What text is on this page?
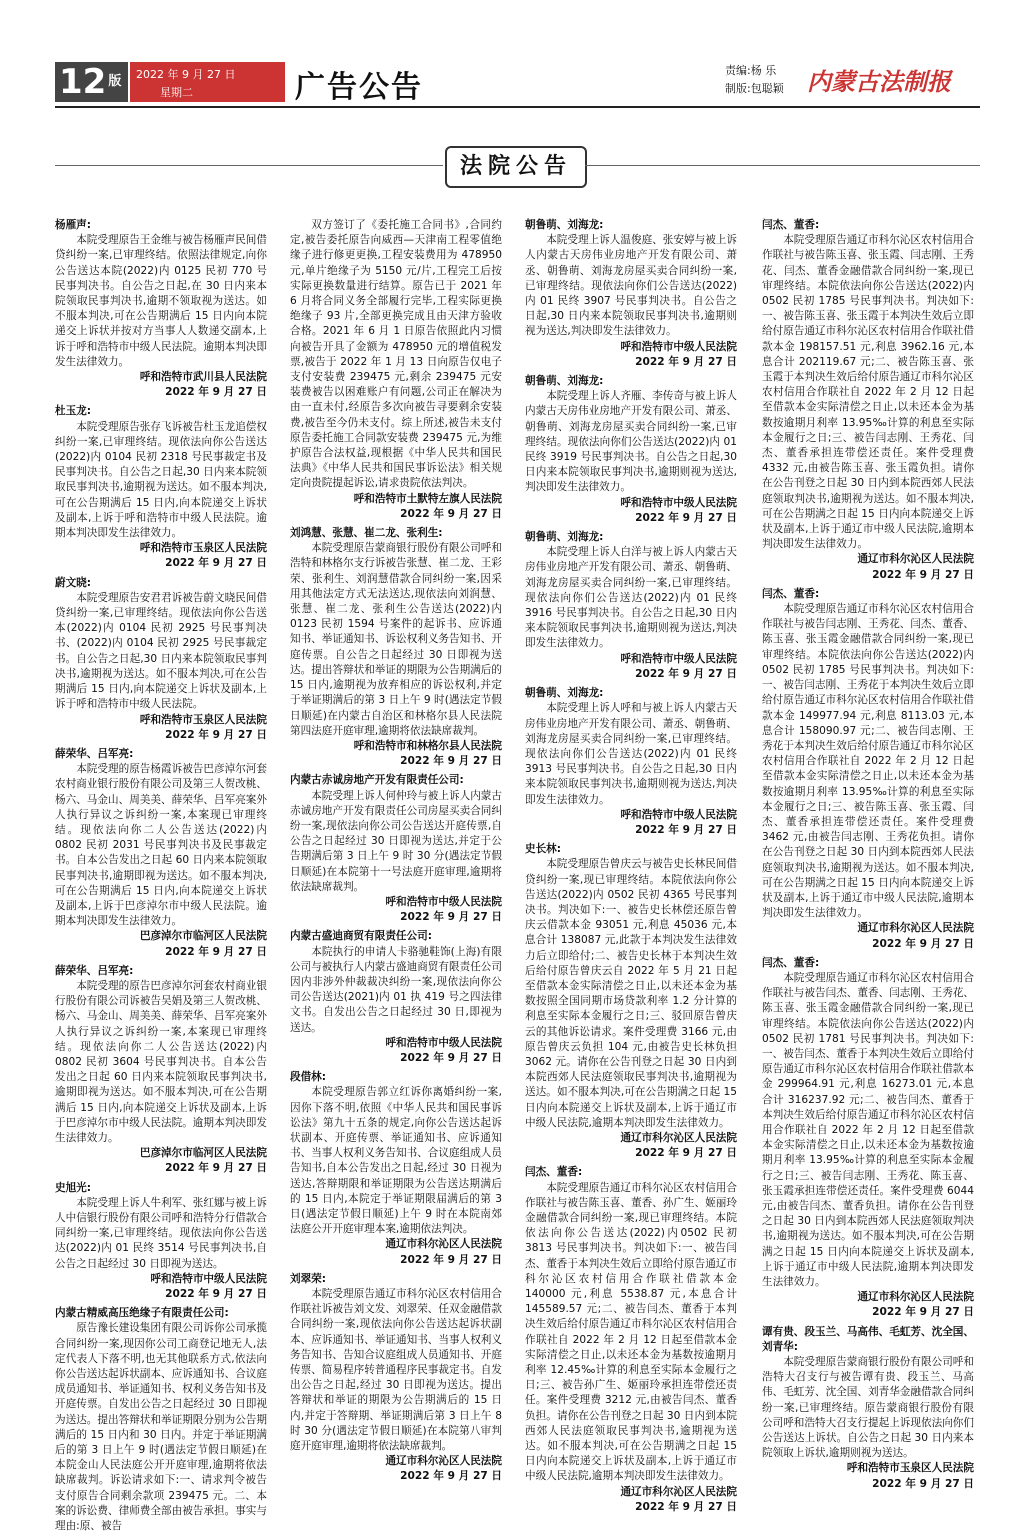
12 $^版$	2022 年 9 月 27 日
星期二	广告公告	责编:杨 乐
制版:包聪颖 内蒙古法制报
法院公告
杨雁声:
本院受理原告王金维与被告杨雁声民间借贷纠纷一案,已审理终结。依照法律规定,向你公告送达本院(2022)内 0125 民初 770 号民事判决书。自公告之日起,在 30 日内来本院领取民事判决书,逾期不领取视为送达。如不服本判决,可在公告期满后 15 日内向本院递交上诉状并按对方当事人人数递交副本,上诉于呼和浩特市中级人民法院。逾期本判决即发生法律效力。
呼和浩特市武川县人民法院
2022 年 9 月 27 日
杜玉龙:
本院受理原告张存飞诉被告杜玉龙追偿权纠纷一案,已审理终结。现依法向你公告送达(2022)内 0104 民初 2318 号民事裁定书及民事判决书。自公告之日起,30 日内来本院领取民事判决书,逾期视为送达。如不服本判决,可在公告期满后 15 日内,向本院递交上诉状及副本,上诉于呼和浩特市中级人民法院。逾期本判决即发生法律效力。
呼和浩特市玉泉区人民法院
2022 年 9 月 27 日
蔚文晓:
本院受理原告安君君诉被告蔚文晓民间借贷纠纷一案,已审理终结。现依法向你公告送本(2022)内 0104 民初 2925 号民事判决书、(2022)内 0104 民初 2925 号民事裁定书。自公告之日起,30 日内来本院领取民事判决书,逾期视为送达。如不服本判决,可在公告期满后 15 日内,向本院递交上诉状及副本,上诉于呼和浩特市中级人民法院。
呼和浩特市玉泉区人民法院
2022 年 9 月 27 日
薛荣华、吕军亮:
本院受理的原告杨霞诉被告巴彦淖尔河套农村商业银行股份有限公司及第三人贺改桃、杨六、马金山、周美美、薛荣华、吕军亮案外人执行异议之诉纠纷一案,本案现已审理终结。现依法向你二人公告送达(2022)内 0802 民初 2031 号民事判决书及民事裁定书。自本公告发出之日起 60 日内来本院领取民事判决书,逾期即视为送达。如不服本判决,可在公告期满后 15 日内,向本院递交上诉状及副本,上诉于巴彦淖尔市中级人民法院。逾期本判决即发生法律效力。
巴彦淖尔市临河区人民法院
2022 年 9 月 27 日
薛荣华、吕军亮:
本院受理的原告巴彦淖尔河套农村商业银行股份有限公司诉被告吴娟及第三人贺改桃、杨六、马金山、周美美、薛荣华、吕军亮案外人执行异议之诉纠纷一案,本案现已审理终结。现依法向你二人公告送达(2022)内 0802 民初 3604 号民事判决书。自本公告发出之日起 60 日内来本院领取民事判决书,逾期即视为送达。如不服本判决,可在公告期满后 15 日内,向本院递交上诉状及副本,上诉于巴彦淖尔市中级人民法院。逾期本判决即发生法律效力。
巴彦淖尔市临河区人民法院
2022 年 9 月 27 日
史旭光:
本院受理上诉人牛利军、张红娜与被上诉人中信银行股份有限公司呼和浩特分行借款合同纠纷一案,已审理终结。现依法向你公告送达(2022)内 01 民终 3514 号民事判决书,自公告之日起经过 30 日即视为送达。
呼和浩特市中级人民法院
2022 年 9 月 27 日
内蒙古精威高压绝缘子有限责任公司:
原告豫长建设集团有限公司诉你公司承揽合同纠纷一案,现因你公司工商登记地无人,法定代表人下落不明,也无其他联系方式,依法向你公告送达起诉状副本、应诉通知书、合议庭成员通知书、举证通知书、权利义务告知书及开庭传票。自发出公告之日起经过 30 日即视为送达。提出答辩状和举证期限分别为公告期满后的 15 日内和 30 日内。并定于举证期满后的第 3 日上午 9 时(遇法定节假日顺延)在本院金山人民法庭公开开庭审理,逾期将依法缺席裁判。诉讼请求如下:一、请求判令被告支付原告合同剩余款项 239475 元。二、本案的诉讼费、律师费全部由被告承担。事实与理由:原、被告
双方签订了《委托施工合同书》,合同约定,被告委托原告向威西—天津南工程零值绝缘子进行修更更换,工程安装费用为 478950 元,单片绝缘子为 5150 元/片,工程完工后按实际更换数量进行结算。原告已于 2021 年 6 月将合同义务全部履行完毕,工程实际更换绝缘子 93 片,全部更换完成且由天津方验收合格。2021 年 6 月 1 日原告依照此内习惯向被告开具了金额为 478950 元的增值税发票,被告于 2022 年 1 月 13 日向原告仅电子支付安装费 239475 元,剩余 239475 元安装费被告以困难账户有问题,公司正在解决为由一直未付,经原告多次向被告寻要剩余安装费,被告至今仍未支付。综上所述,被告未支付原告委托施工合同款安装费 239475 元,为维护原告合法权益,现根据《中华人民共和国民法典》《中华人民共和国民事诉讼法》相关规定向贵院提起诉讼,请求贵院依法判决。
呼和浩特市土默特左旗人民法院
2022 年 9 月 27 日
刘鸿慧、张慧、崔二龙、张利生:
本院受理原告蒙商银行股份有限公司呼和浩特和林格尔支行诉被告张慧、崔二龙、王彩荣、张利生、刘润慧借款合同纠纷一案,因采用其他法定方式无法送达,现依法向刘润慧、张慧、崔二龙、张利生公告送达(2022)内 0123 民初 1594 号案件的起诉书、应诉通知书、举证通知书、诉讼权利义务告知书、开庭传票。自公告之日起经过 30 日即视为送达。提出答辩状和举证的期限为公告期满后的 15 日内,逾期视为放弃相应的诉讼权利,并定于举证期满后的第 3 日上午 9 时(遇法定节假日顺延)在内蒙古自治区和林格尔县人民法院第四法庭开庭审理,逾期将依法缺席裁判。
呼和浩特市和林格尔县人民法院
2022 年 9 月 27 日
内蒙古赤诚房地产开发有限责任公司:
本院受理上诉人何仲玲与被上诉人内蒙古赤诚房地产开发有限责任公司房屋买卖合同纠纷一案,现依法向你公司公告送达开庭传票,自公告之日起经过 30 日即视为送达,并定于公告期满后第 3 日上午 9 时 30 分(遇法定节假日顺延)在本院第十一号法庭开庭审理,逾期将依法缺席裁判。
呼和浩特市中级人民法院
2022 年 9 月 27 日
内蒙古盛迪商贸有限责任公司:
本院执行的申请人卡骆驰鞋饰(上海)有限公司与被执行人内蒙古盛迪商贸有限责任公司因内非涉外仲裁裁决纠纷一案,现依法向你公司公告送达(2021)内 01 执 419 号之四法律文书。自发出公告之日起经过 30 日,即视为送达。
呼和浩特市中级人民法院
2022 年 9 月 27 日
段借林:
本院受理原告郭立红诉你离婚纠纷一案,因你下落不明,依照《中华人民共和国民事诉讼法》第九十五条的规定,向你公告送达起诉状副本、开庭传票、举证通知书、应诉通知书、当事人权利义务告知书、合议庭组成人员告知书,自本公告发出之日起,经过 30 日视为送达,答辩期限和举证期限为公告送达期满后的 15 日内,本院定于举证期限届满后的第 3 日(遇法定节假日顺延)上午 9 时在本院南郊法庭公开开庭审理本案,逾期依法判决。
通辽市科尔沁区人民法院
2022 年 9 月 27 日
刘翠荣:
本院受理原告通辽市科尔沁区农村信用合作联社诉被告刘文发、刘翠荣、任双金融借款合同纠纷一案,现依法向你公告送达起诉状副本、应诉通知书、举证通知书、当事人权利义务告知书、告知合议庭组成人员通知书、开庭传票、简易程序转普通程序民事裁定书。自发出公告之日起,经过 30 日即视为送达。提出答辩状和举证的期限为公告期满后的 15 日内,并定于答辩期、举证期满后第 3 日上午 8 时 30 分(遇法定节假日顺延)在本院第八审判庭开庭审理,逾期将依法缺席裁判。
通辽市科尔沁区人民法院
2022 年 9 月 27 日
朝鲁萌、刘海龙:
本院受理上诉人温俊庭、张安婷与被上诉人内蒙古天房伟业房地产开发有限公司、萧丞、朝鲁萌、刘海龙房屋买卖合同纠纷一案,已审理终结。现依法向你们公告送达(2022)内 01 民终 3907 号民事判决书。自公告之日起,30 日内来本院领取民事判决书,逾期则视为送达,判决即发生法律效力。
呼和浩特市中级人民法院
2022 年 9 月 27 日
朝鲁萌、刘海龙:
本院受理上诉人齐雁、李传奇与被上诉人内蒙古天房伟业房地产开发有限公司、萧丞、朝鲁萌、刘海龙房屋买卖合同纠纷一案,已审理终结。现依法向你们公告送达(2022)内 01 民终 3919 号民事判决书。自公告之日起,30 日内来本院领取民事判决书,逾期则视为送达,判决即发生法律效力。
呼和浩特市中级人民法院
2022 年 9 月 27 日
朝鲁萌、刘海龙:
本院受理上诉人白洋与被上诉人内蒙古天房伟业房地产开发有限公司、萧丞、朝鲁萌、刘海龙房屋买卖合同纠纷一案,已审理终结。现依法向你们公告送达(2022)内 01 民终 3916 号民事判决书。自公告之日起,30 日内来本院领取民事判决书,逾期则视为送达,判决即发生法律效力。
呼和浩特市中级人民法院
2022 年 9 月 27 日
朝鲁萌、刘海龙:
本院受理上诉人呼和与被上诉人内蒙古天房伟业房地产开发有限公司、萧丞、朝鲁萌、刘海龙房屋买卖合同纠纷一案,已审理终结。现依法向你们公告送达(2022)内 01 民终 3913 号民事判决书。自公告之日起,30 日内来本院领取民事判决书,逾期则视为送达,判决即发生法律效力。
呼和浩特市中级人民法院
2022 年 9 月 27 日
史长林:
本院受理原告曾庆云与被告史长林民间借贷纠纷一案,现已审理终结。本院依法向你公告送达(2022)内 0502 民初 4365 号民事判决书。判决如下:一、被告史长林偿还原告曾庆云借款本金 93051 元,利息 45036 元,本息合计 138087 元,此款于本判决发生法律效力后立即给付;二、被告史长林于本判决生效后给付原告曾庆云自 2022 年 5 月 21 日起至借款本金实际清偿之日止,以未还本金为基数按照全国同期市场贷款利率 1.2 分计算的利息至实际本金履行之日;三、驳回原告曾庆云的其他诉讼请求。案件受理费 3166 元,由原告曾庆云负担 104 元,由被告史长林负担 3062 元。请你在公告刊登之日起 30 日内到本院西郊人民法庭领取民事判决书,逾期视为送达。如不服本判决,可在公告期满之日起 15 日内向本院递交上诉状及副本,上诉于通辽市中级人民法院,逾期本判决即发生法律效力。
通辽市科尔沁区人民法院
2022 年 9 月 27 日
闫杰、董香:
本院受理原告通辽市科尔沁区农村信用合作联社与被告陈玉喜、董香、孙广生、姬丽玲金融借款合同纠纷一案,现已审理终结。本院依法向你公告送达(2022)内0502 民初 3813 号民事判决书。判决如下:一、被告闫杰、董香于本判决生效后立即给付原告通辽市科尔沁区农村信用合作联社借款本金 140000 元,利息 5538.87 元,本息合计 145589.57 元;二、被告闫杰、董香于本判决生效后给付原告通辽市科尔沁区农村信用合作联社自 2022 年 2 月 12 日起至借款本金实际清偿之日止,以未还本金为基数按逾期月利率 12.45‰计算的利息至实际本金履行之日;三、被告孙广生、姬丽玲承担连带偿还责任。案件受理费 3212 元,由被告闫杰、董香负担。请你在公告刊登之日起 30 日内到本院西郊人民法庭领取民事判决书,逾期视为送达。如不服本判决,可在公告期满之日起 15 日内向本院递交上诉状及副本,上诉于通辽市中级人民法院,逾期本判决即发生法律效力。
通辽市科尔沁区人民法院
2022 年 9 月 27 日
闫杰、董香:
本院受理原告通辽市科尔沁区农村信用合作联社与被告陈玉喜、张玉霞、闫志刚、王秀花、闫杰、董香金融借款合同纠纷一案,现已审理终结。本院依法向你公告送达(2022)内 0502 民初 1785 号民事判决书。判决如下:一、被告陈玉喜、张玉霞于本判决生效后立即给付原告通辽市科尔沁区农村信用合作联社借款本金 198157.51 元,利息 3962.16 元,本息合计 202119.67 元;二、被告陈玉喜、张玉霞于本判决生效后给付原告通辽市科尔沁区农村信用合作联社自 2022 年 2 月 12 日起至借款本金实际清偿之日止,以未还本金为基数按逾期月利率 13.95‰计算的利息至实际本金履行之日;三、被告闫志刚、王秀花、闫杰、董香承担连带偿还责任。案件受理费 4332 元,由被告陈玉喜、张玉霞负担。请你在公告刊登之日起 30 日内到本院西郊人民法庭领取判决书,逾期视为送达。如不服本判决,可在公告期满之日起 15 日内向本院递交上诉状及副本,上诉于通辽市中级人民法院,逾期本判决即发生法律效力。
通辽市科尔沁区人民法院
2022 年 9 月 27 日
闫杰、董香:
本院受理原告通辽市科尔沁区农村信用合作联社与被告闫志刚、王秀花、闫杰、董香、陈玉喜、张玉霞金融借款合同纠纷一案,现已审理终结。本院依法向你公告送达(2022)内 0502 民初 1785 号民事判决书。判决如下:一、被告闫志刚、王秀花于本判决生效后立即给付原告通辽市科尔沁区农村信用合作联社借款本金 149977.94 元,利息 8113.03 元,本息合计 158090.97 元;二、被告闫志刚、王秀花于本判决生效后给付原告通辽市科尔沁区农村信用合作联社自 2022 年 2 月 12 日起至借款本金实际清偿之日止,以未还本金为基数按逾期月利率 13.95‰计算的利息至实际本金履行之日;三、被告陈玉喜、张玉霞、闫杰、董香承担连带偿还责任。案件受理费 3462 元,由被告闫志刚、王秀花负担。请你在公告刊登之日起 30 日内到本院西郊人民法庭领取判决书,逾期视为送达。如不服本判决,可在公告期满之日起 15 日内向本院递交上诉状及副本,上诉于通辽市中级人民法院,逾期本判决即发生法律效力。
通辽市科尔沁区人民法院
2022 年 9 月 27 日
闫杰、董香:
本院受理原告通辽市科尔沁区农村信用合作联社与被告闫杰、董香、闫志刚、王秀花、陈玉喜、张玉霞金融借款合同纠纷一案,现已审理终结。本院依法向你公告送达(2022)内 0502 民初 1781 号民事判决书。判决如下:一、被告闫杰、董香于本判决生效后立即给付原告通辽市科尔沁区农村信用合作联社借款本金 299964.91 元,利息 16273.01 元,本息合计 316237.92 元;二、被告闫杰、董香于本判决生效后给付原告通辽市科尔沁区农村信用合作联社自 2022 年 2 月 12 日起至借款本金实际清偿之日止,以未还本金为基数按逾期月利率 13.95‰计算的利息至实际本金履行之日;三、被告闫志刚、王秀花、陈玉喜、张玉霞承担连带偿还责任。案件受理费 6044 元,由被告闫杰、董香负担。请你在公告刊登之日起 30 日内到本院西郊人民法庭领取判决书,逾期视为送达。如不服本判决,可在公告期满之日起 15 日内向本院递交上诉状及副本,上诉于通辽市中级人民法院,逾期本判决即发生法律效力。
通辽市科尔沁区人民法院
2022 年 9 月 27 日
谭有贵、段玉兰、马高伟、毛虹芳、沈全国、刘青华:
本院受理原告蒙商银行股份有限公司呼和浩特大召支行与被告谭有贵、段玉兰、马高伟、毛虹芳、沈全国、刘青华金融借款合同纠纷一案,已审理终结。原告蒙商银行股份有限公司呼和浩特大召支行提起上诉现依法向你们公告送达上诉状。自公告之日起 30 日内来本院领取上诉状,逾期则视为送达。
呼和浩特市玉泉区人民法院
2022 年 9 月 27 日
